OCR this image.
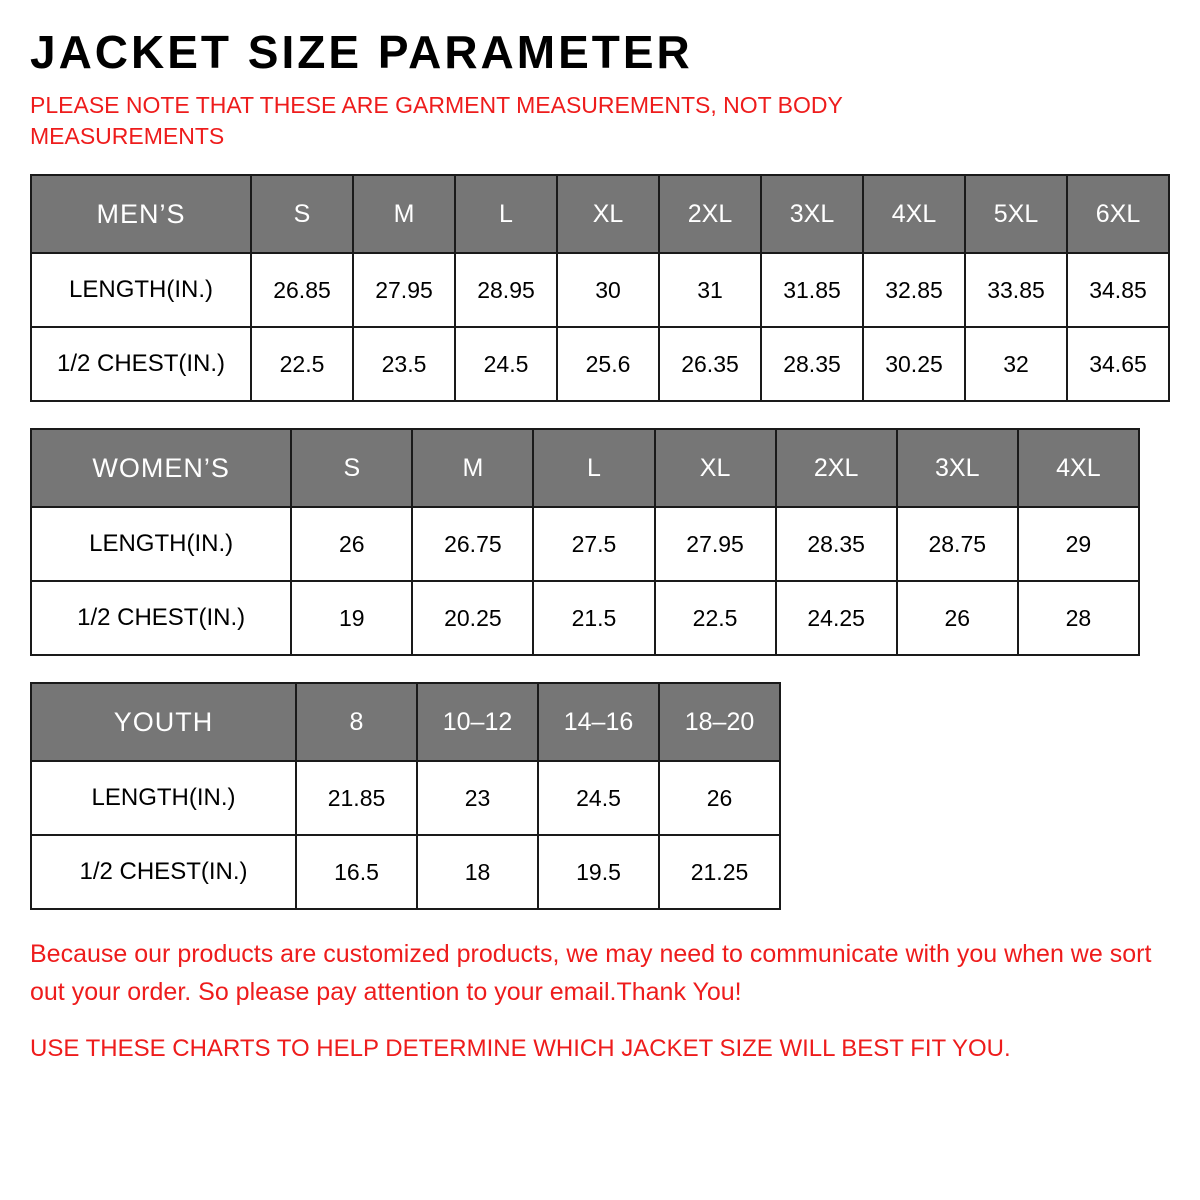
JACKET SIZE PARAMETER

PLEASE NOTE THAT THESE ARE GARMENT MEASUREMENTS, NOT BODY MEASUREMENTS

MEN’S	S	M	L	XL	2XL	3XL	4XL	5XL	6XL
LENGTH(IN.)	26.85	27.95	28.95	30	31	31.85	32.85	33.85	34.85
1/2 CHEST(IN.)	22.5	23.5	24.5	25.6	26.35	28.35	30.25	32	34.65
WOMEN’S	S	M	L	XL	2XL	3XL	4XL
LENGTH(IN.)	26	26.75	27.5	27.95	28.35	28.75	29
1/2 CHEST(IN.)	19	20.25	21.5	22.5	24.25	26	28
YOUTH	8	10–12	14–16	18–20
LENGTH(IN.)	21.85	23	24.5	26
1/2 CHEST(IN.)	16.5	18	19.5	21.25

Because our products are customized products, we may need to communicate with you when we sort out your order. So please pay attention to your email.Thank You!

USE THESE CHARTS TO HELP DETERMINE WHICH JACKET SIZE WILL BEST FIT YOU.
